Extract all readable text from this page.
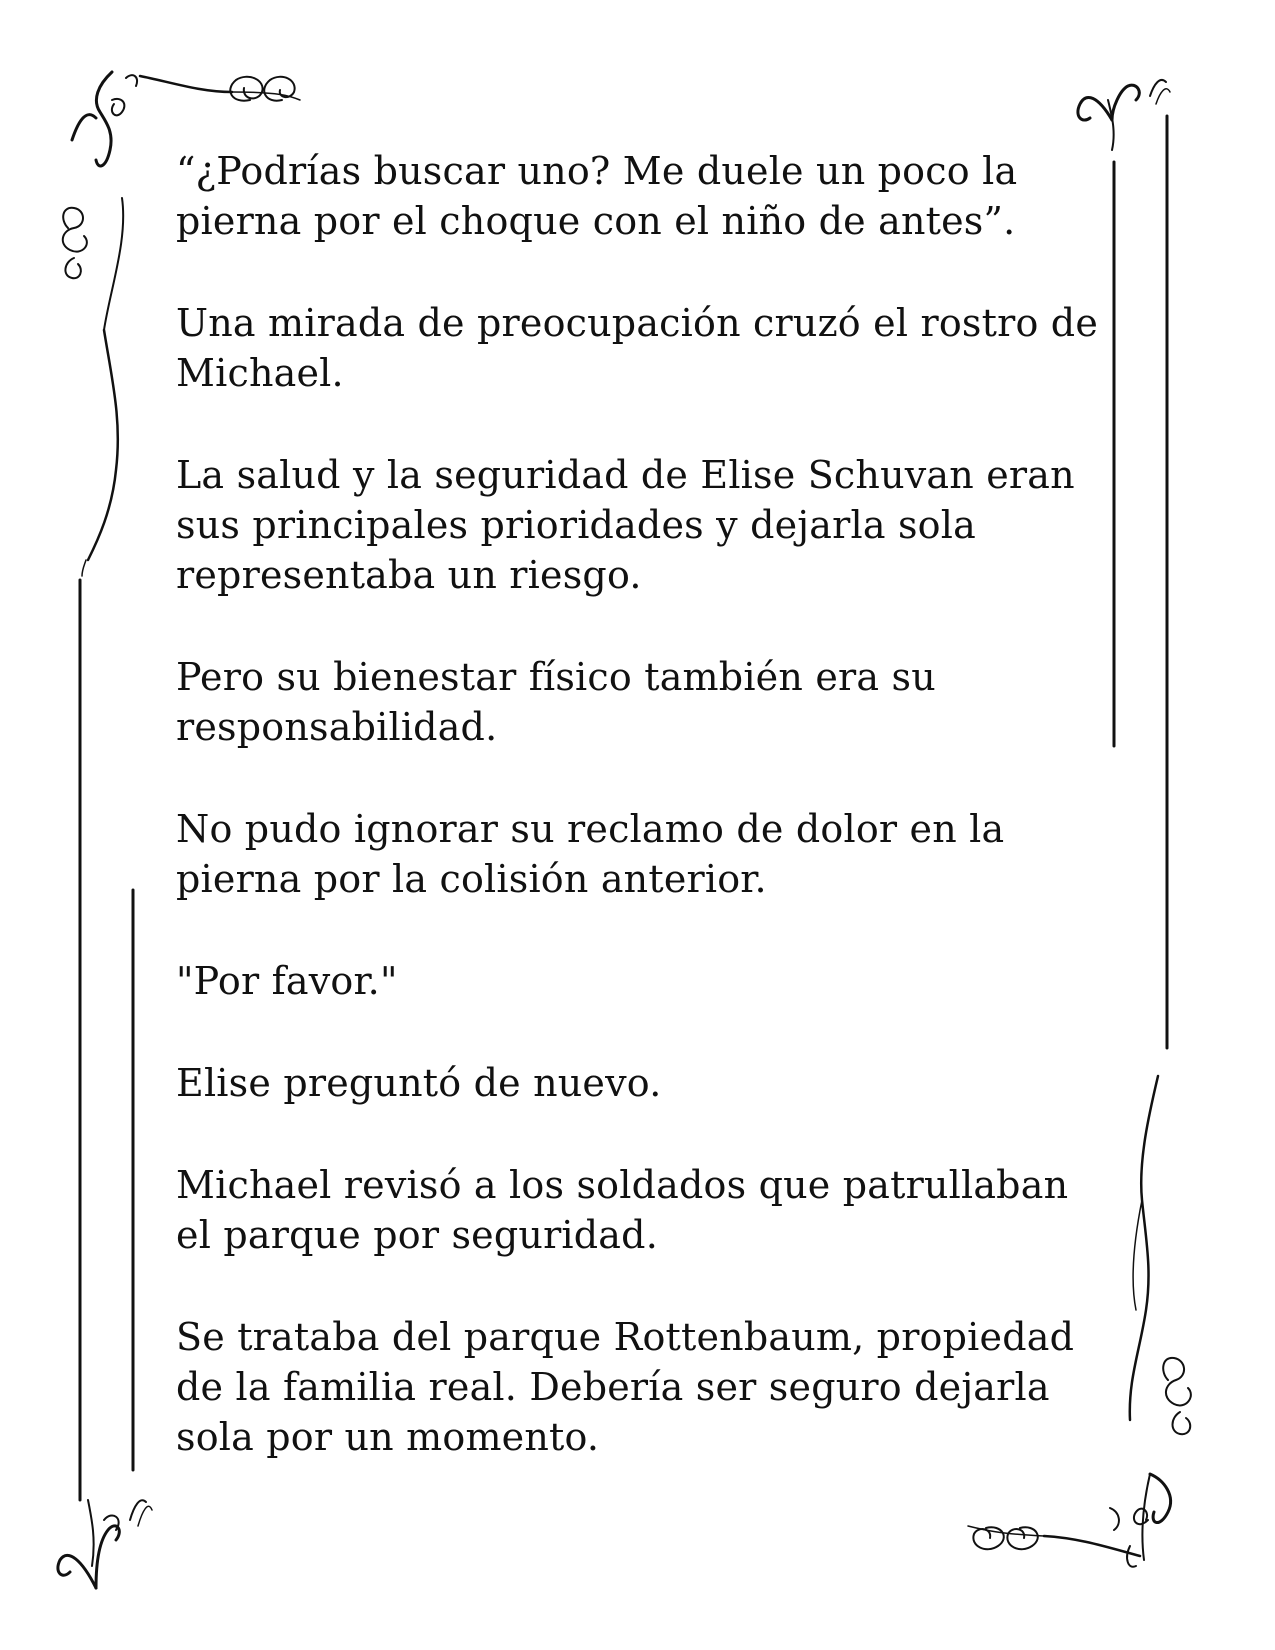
“¿Podrías buscar uno? Me duele un poco la
pierna por el choque con el niño de antes”.

Una mirada de preocupación cruzó el rostro de
Michael.

La salud y la seguridad de Elise Schuvan eran
sus principales prioridades y dejarla sola
representaba un riesgo.

Pero su bienestar físico también era su
responsabilidad.

No pudo ignorar su reclamo de dolor en la
pierna por la colisión anterior.

"Por favor."

Elise preguntó de nuevo.

Michael revisó a los soldados que patrullaban
el parque por seguridad.

Se trataba del parque Rottenbaum, propiedad
de la familia real. Debería ser seguro dejarla
sola por un momento.
